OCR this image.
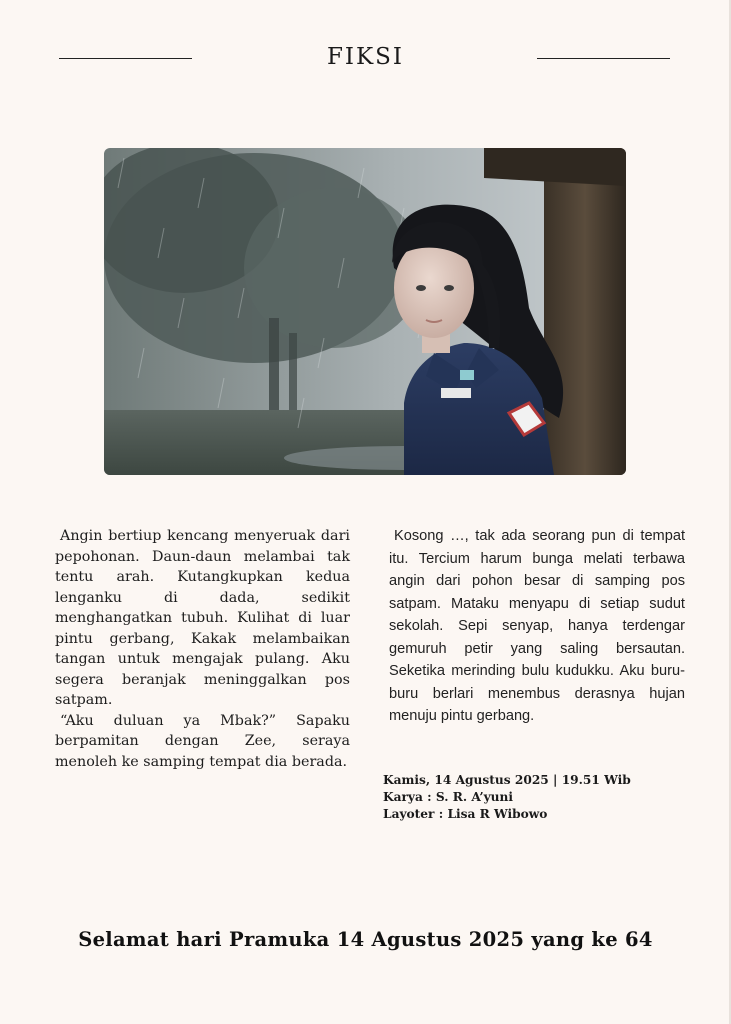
FIKSI

Angin bertiup kencang menyeruak dari pepohonan. Daun-daun melambai tak tentu arah. Kutangkupkan kedua lenganku di dada, sedikit menghangatkan tubuh. Kulihat di luar pintu gerbang, Kakak melambaikan tangan untuk mengajak pulang. Aku segera beranjak meninggalkan pos satpam.

“Aku duluan ya Mbak?” Sapaku berpamitan dengan Zee, seraya menoleh ke samping tempat dia berada.

Kosong …, tak ada seorang pun di tempat itu. Tercium harum bunga melati terbawa angin dari pohon besar di samping pos satpam. Mataku menyapu di setiap sudut sekolah. Sepi senyap, hanya terdengar gemuruh petir yang saling bersautan. Seketika merinding bulu kudukku. Aku buru-buru berlari menembus derasnya hujan menuju pintu gerbang.

Kamis, 14 Agustus 2025 | 19.51 Wib
Karya : S. R. A’yuni
Layoter : Lisa R Wibowo
Selamat hari Pramuka 14 Agustus 2025 yang ke 64
